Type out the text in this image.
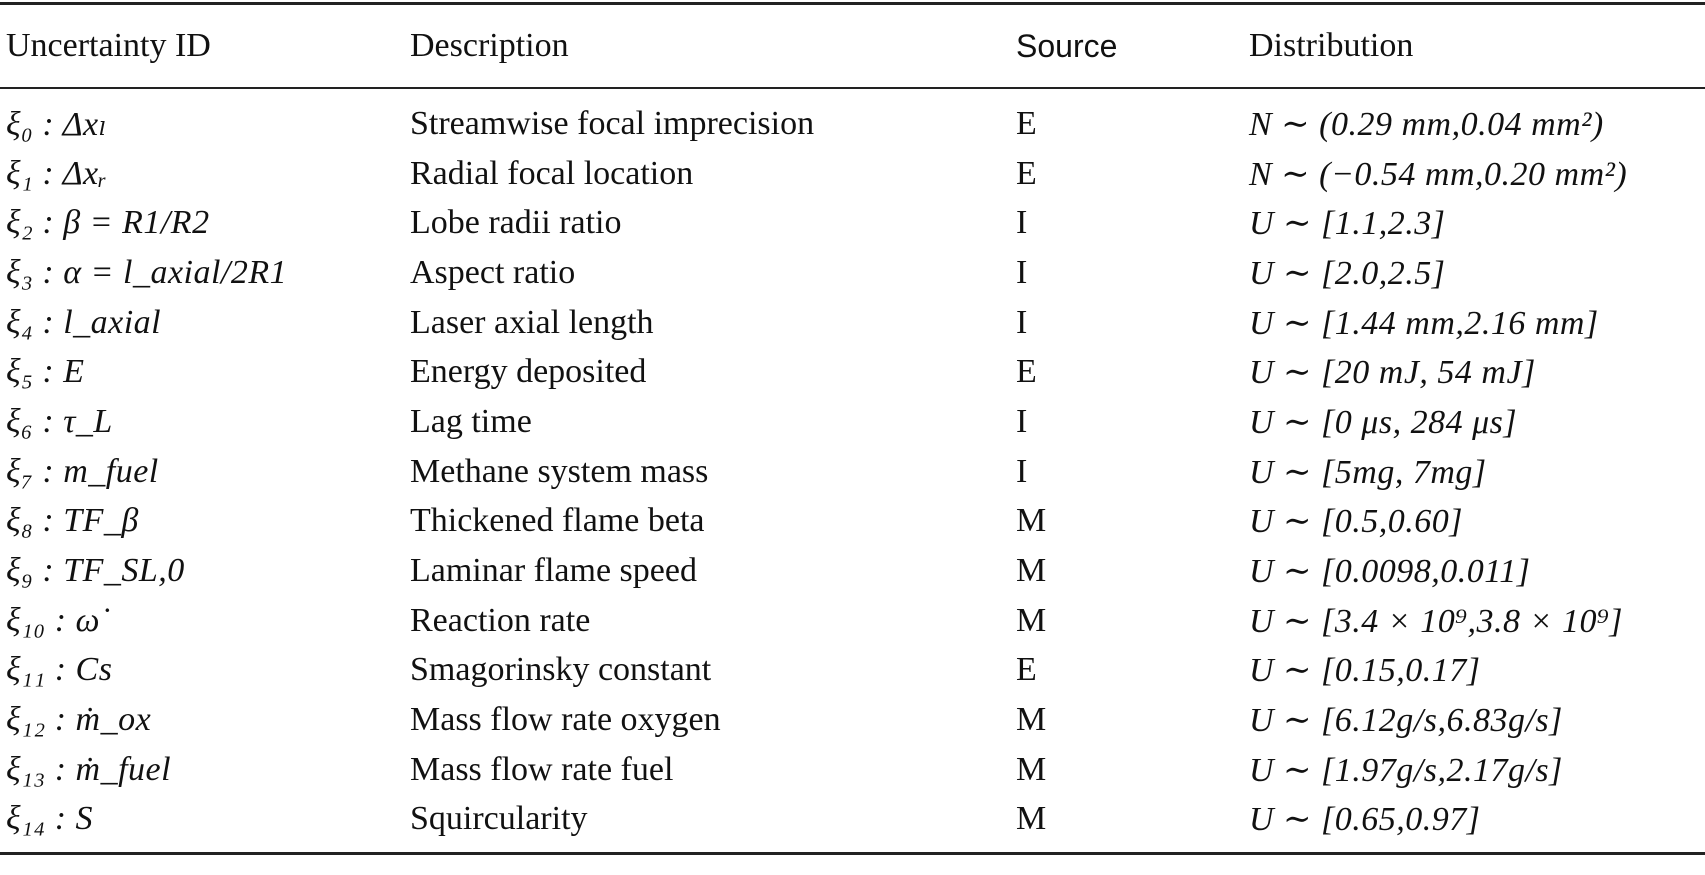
Uncertainty ID	Description	Source	Distribution
ξ₀ : Δxₗ	Streamwise focal imprecision	E	N ∼ (0.29 mm,0.04 mm²)
ξ₁ : Δxᵣ	Radial focal location	E	N ∼ (−0.54 mm,0.20 mm²)
ξ₂ : β = R1/R2	Lobe radii ratio	I	U ∼ [1.1,2.3]
ξ₃ : α = l_axial/2R1	Aspect ratio	I	U ∼ [2.0,2.5]
ξ₄ : l_axial	Laser axial length	I	U ∼ [1.44 mm,2.16 mm]
ξ₅ : E	Energy deposited	E	U ∼ [20 mJ, 54 mJ]
ξ₆ : τ_L	Lag time	I	U ∼ [0 μs, 284 μs]
ξ₇ : m_fuel	Methane system mass	I	U ∼ [5mg, 7mg]
ξ₈ : TF_β	Thickened flame beta	M	U ∼ [0.5,0.60]
ξ₉ : TF_SL,0	Laminar flame speed	M	U ∼ [0.0098,0.011]
ξ₁₀ : ω̇	Reaction rate	M	U ∼ [3.4 × 10⁹,3.8 × 10⁹]
ξ₁₁ : Cs	Smagorinsky constant	E	U ∼ [0.15,0.17]
ξ₁₂ : ṁ_ox	Mass flow rate oxygen	M	U ∼ [6.12g/s,6.83g/s]
ξ₁₃ : ṁ_fuel	Mass flow rate fuel	M	U ∼ [1.97g/s,2.17g/s]
ξ₁₄ : S	Squircularity	M	U ∼ [0.65,0.97]
